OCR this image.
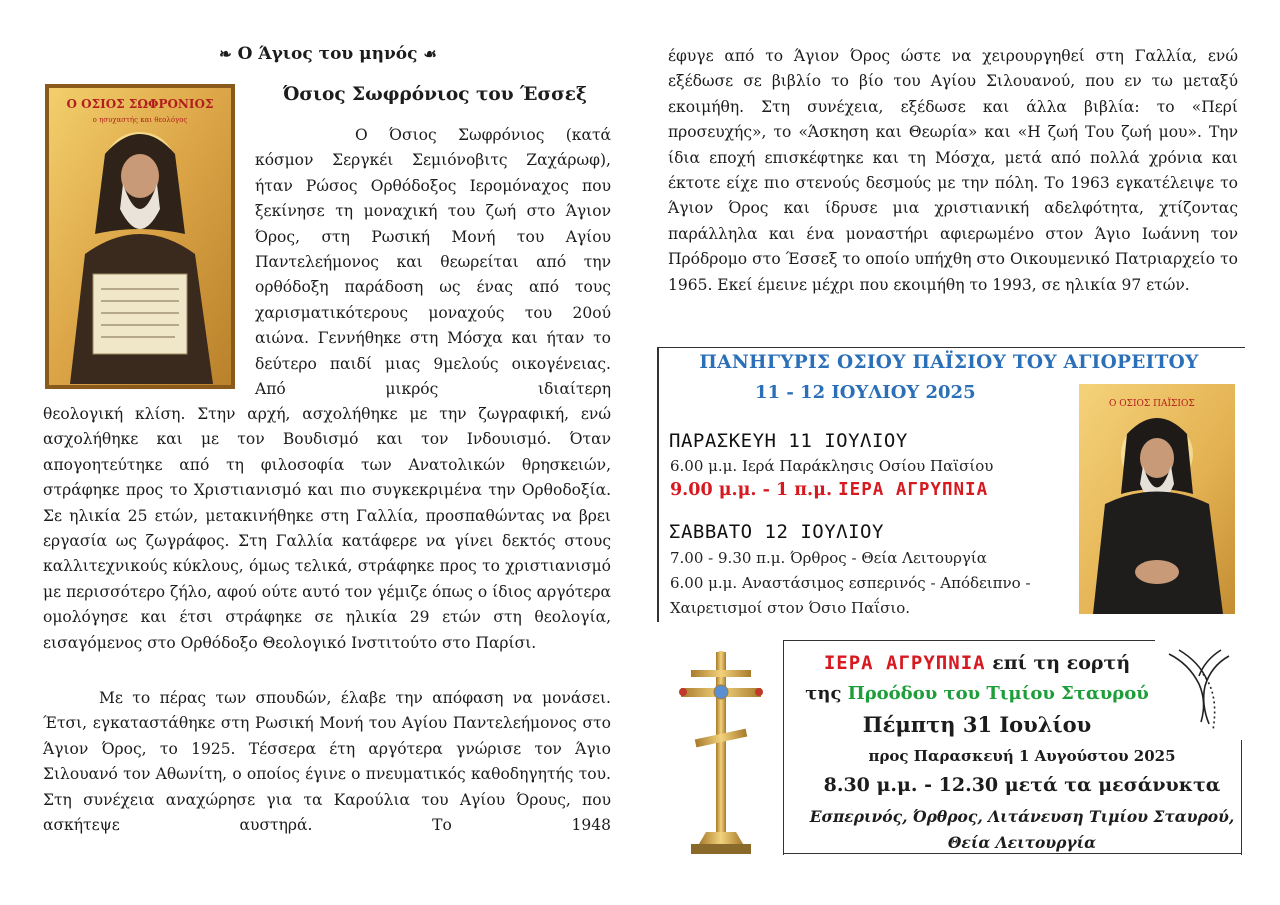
❧ Ο Άγιος του μηνός ☙
Ο ΟΣΙΟΣ ΣΩΦΡΟΝΙΟΣ
ο ησυχαστής και θεολόγος
Όσιος Σωφρόνιος του Έσσεξ
Ο Όσιος Σωφρόνιος (κατά κόσμον Σεργκέι Σεμιόνοβιτς Ζαχάρωφ), ήταν Ρώσος Ορθόδοξος Ιερομόναχος που ξεκίνησε τη μοναχική του ζωή στο Άγιον Όρος, στη Ρωσική Μονή του Αγίου Παντελεήμονος και θεωρείται από την ορθόδοξη παράδοση ως ένας από τους χαρισματικότερους μοναχούς του 20ού αιώνα. Γεννήθηκε στη Μόσχα και ήταν το δεύτερο παιδί μιας 9μελούς οικογένειας. Από μικρός ιδιαίτερη
θεολογική κλίση. Στην αρχή, ασχολήθηκε με την ζωγραφική, ενώ ασχολήθηκε και με τον Βουδισμό και τον Ινδουισμό. Όταν απογοητεύτηκε από τη φιλοσοφία των Ανατολικών θρησκειών, στράφηκε προς το Χριστιανισμό και πιο συγκεκριμένα την Ορθοδοξία. Σε ηλικία 25 ετών, μετακινήθηκε στη Γαλλία, προσπαθώντας να βρει εργασία ως ζωγράφος. Στη Γαλλία κατάφερε να γίνει δεκτός στους καλλιτεχνικούς κύκλους, όμως τελικά, στράφηκε προς το χριστιανισμό με περισσότερο ζήλο, αφού ούτε αυτό τον γέμιζε όπως ο ίδιος αργότερα ομολόγησε και έτσι στράφηκε σε ηλικία 29 ετών στη θεολογία, εισαγόμενος στο Ορθόδοξο Θεολογικό Ινστιτούτο στο Παρίσι.
Με το πέρας των σπουδών, έλαβε την απόφαση να μονάσει. Έτσι, εγκαταστάθηκε στη Ρωσική Μονή του Αγίου Παντελεήμονος στο Άγιον Όρος, το 1925. Τέσσερα έτη αργότερα γνώρισε τον Άγιο Σιλουανό τον Αθωνίτη, ο οποίος έγινε ο πνευματικός καθοδηγητής του. Στη συνέχεια αναχώρησε για τα Καρούλια του Αγίου Όρους, που ασκήτεψε αυστηρά. Το 1948
έφυγε από το Άγιον Όρος ώστε να χειρουργηθεί στη Γαλλία, ενώ εξέδωσε σε βιβλίο το βίο του Αγίου Σιλουανού, που εν τω μεταξύ εκοιμήθη. Στη συνέχεια, εξέδωσε και άλλα βιβλία: το «Περί προσευχής», το «Άσκηση και Θεωρία» και «Η ζωή Του ζωή μου». Την ίδια εποχή επισκέφτηκε και τη Μόσχα, μετά από πολλά χρόνια και έκτοτε είχε πιο στενούς δεσμούς με την πόλη. Το 1963 εγκατέλειψε το Άγιον Όρος και ίδρυσε μια χριστιανική αδελφότητα, χτίζοντας παράλληλα και ένα μοναστήρι αφιερωμένο στον Άγιο Ιωάννη τον Πρόδρομο στο Έσσεξ το οποίο υπήχθη στο Οικουμενικό Πατριαρχείο το 1965. Εκεί έμεινε μέχρι που εκοιμήθη το 1993, σε ηλικία 97 ετών.
ΠΑΝΗΓΥΡΙΣ ΟΣΙΟΥ ΠΑΪΣΙΟΥ ΤΟΥ ΑΓΙΟΡΕΙΤΟΥ
11 - 12 ΙΟΥΛΙΟΥ 2025
Ο ΟΣΙΟΣ ΠΑΪΣΙΟΣ
ΠΑΡΑΣΚΕΥΗ 11 ΙΟΥΛΙΟΥ
6.00 μ.μ. Ιερά Παράκλησις Οσίου Παϊσίου
9.00 μ.μ. - 1 π.μ. ΙΕΡΑ ΑΓΡΥΠΝΙΑ
ΣΑΒΒΑΤΟ 12 ΙΟΥΛΙΟΥ
7.00 - 9.30 π.μ. Όρθρος - Θεία Λειτουργία
6.00 μ.μ. Αναστάσιμος εσπερινός - Απόδειπνο -
Χαιρετισμοί στον Όσιο Παΐσιο.
ΙΕΡΑ ΑΓΡΥΠΝΙΑ επί τη εορτή
της Προόδου του Τιμίου Σταυρού
Πέμπτη 31 Ιουλίου
προς Παρασκευή 1 Αυγούστου 2025
8.30 μ.μ. - 12.30 μετά τα μεσάνυκτα
Εσπερινός, Όρθρος, Λιτάνευση Τιμίου Σταυρού, Θεία Λειτουργία
